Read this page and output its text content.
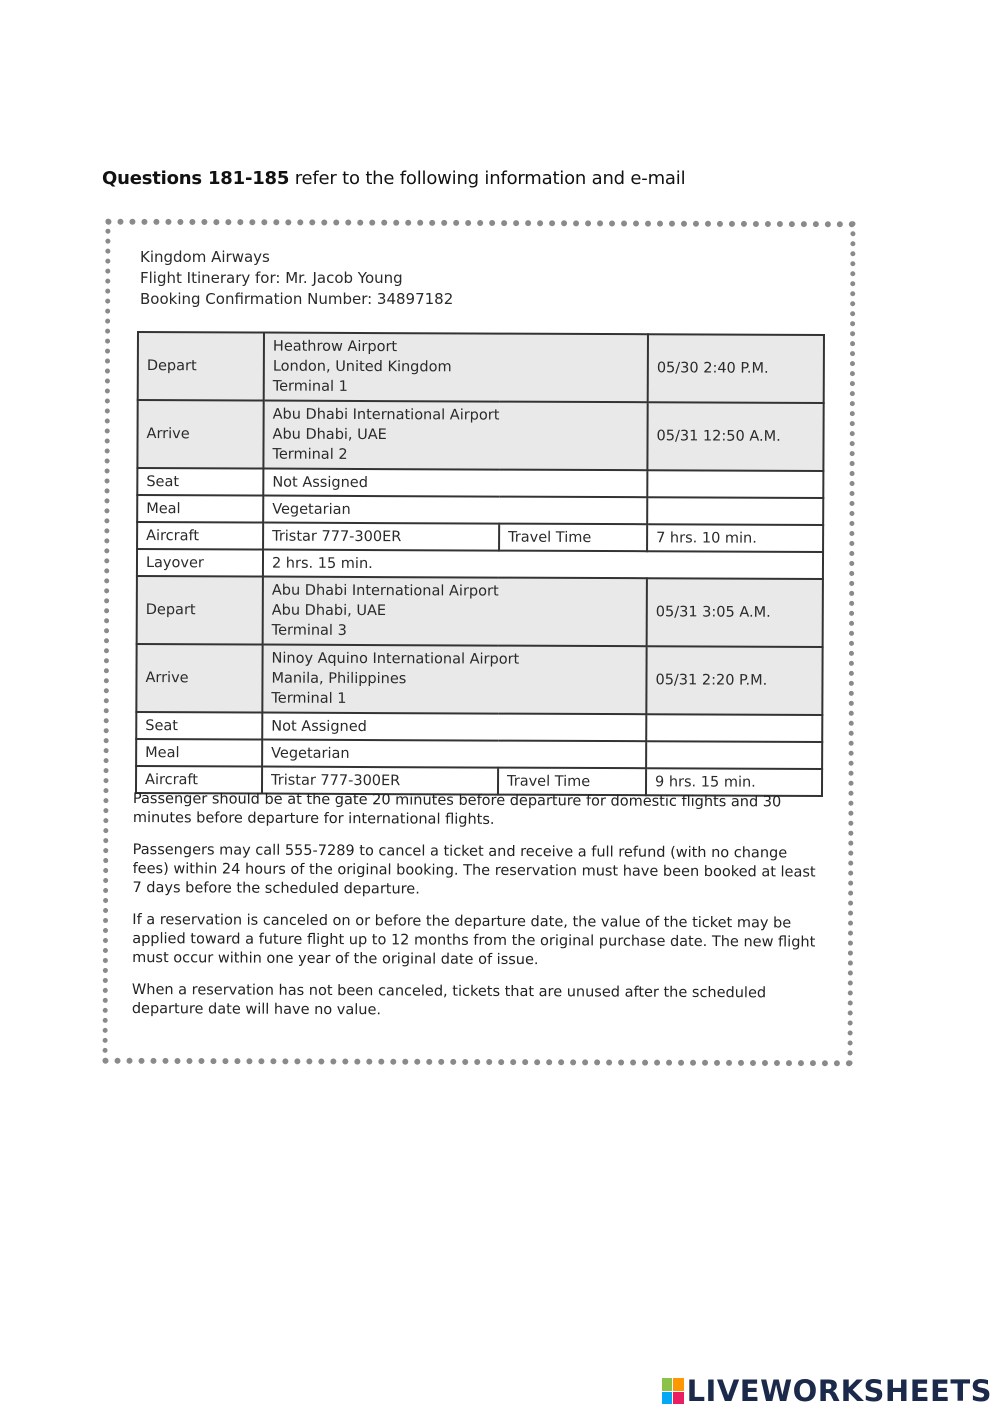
Questions 181-185 refer to the following information and e-mail
Kingdom Airways
Flight Itinerary for: Mr. Jacob Young
Booking Confirmation Number: 34897182
Depart	Heathrow Airport
London, United Kingdom
Terminal 1		05/30 2:40 P.M.
Arrive	Abu Dhabi International Airport
Abu Dhabi, UAE
Terminal 2		05/31 12:50 A.M.
Seat	Not Assigned		
Meal	Vegetarian		
Aircraft	Tristar 777-300ER	Travel Time	7 hrs. 10 min.
Layover	2 hrs. 15 min.		
Depart	Abu Dhabi International Airport
Abu Dhabi, UAE
Terminal 3		05/31 3:05 A.M.
Arrive	Ninoy Aquino International Airport
Manila, Philippines
Terminal 1		05/31 2:20 P.M.
Seat	Not Assigned		
Meal	Vegetarian		
Aircraft	Tristar 777-300ER	Travel Time	9 hrs. 15 min.

Passenger should be at the gate 20 minutes before departure for domestic flights and 30 minutes before departure for international flights.

Passengers may call 555-7289 to cancel a ticket and receive a full refund (with no change fees) within 24 hours of the original booking. The reservation must have been booked at least 7 days before the scheduled departure.

If a reservation is canceled on or before the departure date, the value of the ticket may be applied toward a future flight up to 12 months from the original purchase date. The new flight must occur within one year of the original date of issue.

When a reservation has not been canceled, tickets that are unused after the scheduled departure date will have no value.

LIVEWORKSHEETS
